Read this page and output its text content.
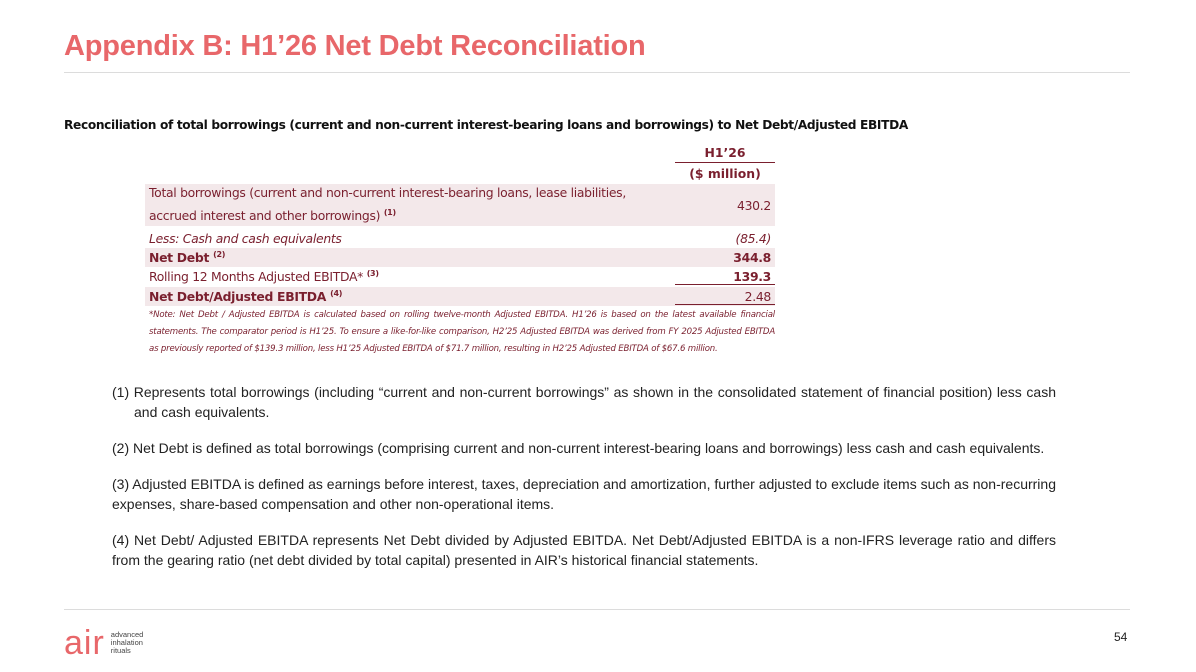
Appendix B: H1’26 Net Debt Reconciliation
Reconciliation of total borrowings (current and non-current interest-bearing loans and borrowings) to Net Debt/Adjusted EBITDA
H1’26
($ million)
Total borrowings (current and non-current interest-bearing loans, lease liabilities,
accrued interest and other borrowings) $^{(1)}$
430.2
Less: Cash and cash equivalents	(85.4)
Net Debt $^{(2)}$	344.8
Rolling 12 Months Adjusted EBITDA* $^{(3)}$	139.3
Net Debt/Adjusted EBITDA $^{(4)}$	2.48
*Note: Net Debt / Adjusted EBITDA is calculated based on rolling twelve-month Adjusted EBITDA. H1’26 is based on the latest available financial statements. The comparator period is H1’25. To ensure a like-for-like comparison, H2’25 Adjusted EBITDA was derived from FY 2025 Adjusted EBITDA as previously reported of $139.3 million, less H1’25 Adjusted EBITDA of $71.7 million, resulting in H2’25 Adjusted EBITDA of $67.6 million.

(1) Represents total borrowings (including “current and non-current borrowings” as shown in the consolidated statement of financial position) less cash and cash equivalents.

(2) Net Debt is defined as total borrowings (comprising current and non-current interest-bearing loans and borrowings) less cash and cash equivalents.

(3) Adjusted EBITDA is defined as earnings before interest, taxes, depreciation and amortization, further adjusted to exclude items such as non-recurring expenses, share-based compensation and other non-operational items.

(4) Net Debt/ Adjusted EBITDA represents Net Debt divided by Adjusted EBITDA. Net Debt/Adjusted EBITDA is a non-IFRS leverage ratio and differs from the gearing ratio (net debt divided by total capital) presented in AIR’s historical financial statements.

air advanced
inhalation
rituals
54
